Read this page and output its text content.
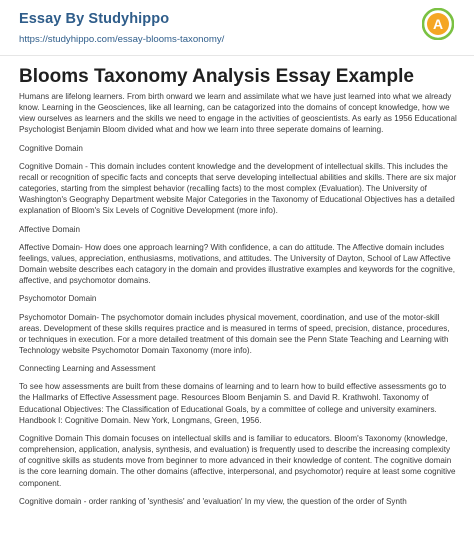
Essay By Studyhippo
https://studyhippo.com/essay-blooms-taxonomy/
A
Blooms Taxonomy Analysis Essay Example

Humans are lifelong learners. From birth onward we learn and assimilate what we have just learned into what we already know. Learning in the Geosciences, like all learning, can be catagorized into the domains of concept knowledge, how we view ourselves as learners and the skills we need to engage in the activities of geoscientists. As early as 1956 Educational Psychologist Benjamin Bloom divided what and how we learn into three seperate domains of learning.

Cognitive Domain

Cognitive Domain - This domain includes content knowledge and the development of intellectual skills. This includes the recall or recognition of specific facts and concepts that serve developing intellectual abilities and skills. There are six major categories, starting from the simplest behavior (recalling facts) to the most complex (Evaluation). The University of Washington's Geography Department website Major Categories in the Taxonomy of Educational Objectives has a detailed explanation of Bloom's Six Levels of Cognitive Development (more info).

Affective Domain

Affective Domain- How does one approach learning? With confidence, a can do attitude. The Affective domain includes feelings, values, appreciation, enthusiasms, motivations, and attitudes. The University of Dayton, School of Law Affective Domain website describes each catagory in the domain and provides illustrative examples and keywords for the cognitive, affective, and psychomotor domains.

Psychomotor Domain

Psychomotor Domain- The psychomotor domain includes physical movement, coordination, and use of the motor-skill areas. Development of these skills requires practice and is measured in terms of speed, precision, distance, procedures, or techniques in execution. For a more detailed treatment of this domain see the Penn State Teaching and Learning with Technology website Psychomotor Domain Taxonomy (more info).

Connecting Learning and Assessment

To see how assessments are built from these domains of learning and to learn how to build effective assessments go to the Hallmarks of Effective Assessment page. Resources Bloom Benjamin S. and David R. Krathwohl. Taxonomy of Educational Objectives: The Classification of Educational Goals, by a committee of college and university examiners. Handbook I: Cognitive Domain. New York, Longmans, Green, 1956.

Cognitive Domain This domain focuses on intellectual skills and is familiar to educators. Bloom's Taxonomy (knowledge, comprehension, application, analysis, synthesis, and evaluation) is frequently used to describe the increasing complexity of cognitive skills as students move from beginner to more advanced in their knowledge of content. The cognitive domain is the core learning domain. The other domains (affective, interpersonal, and psychomotor) require at least some cognitive component.

Cognitive domain - order ranking of 'synthesis' and 'evaluation' In my view, the question of the order of Synth
